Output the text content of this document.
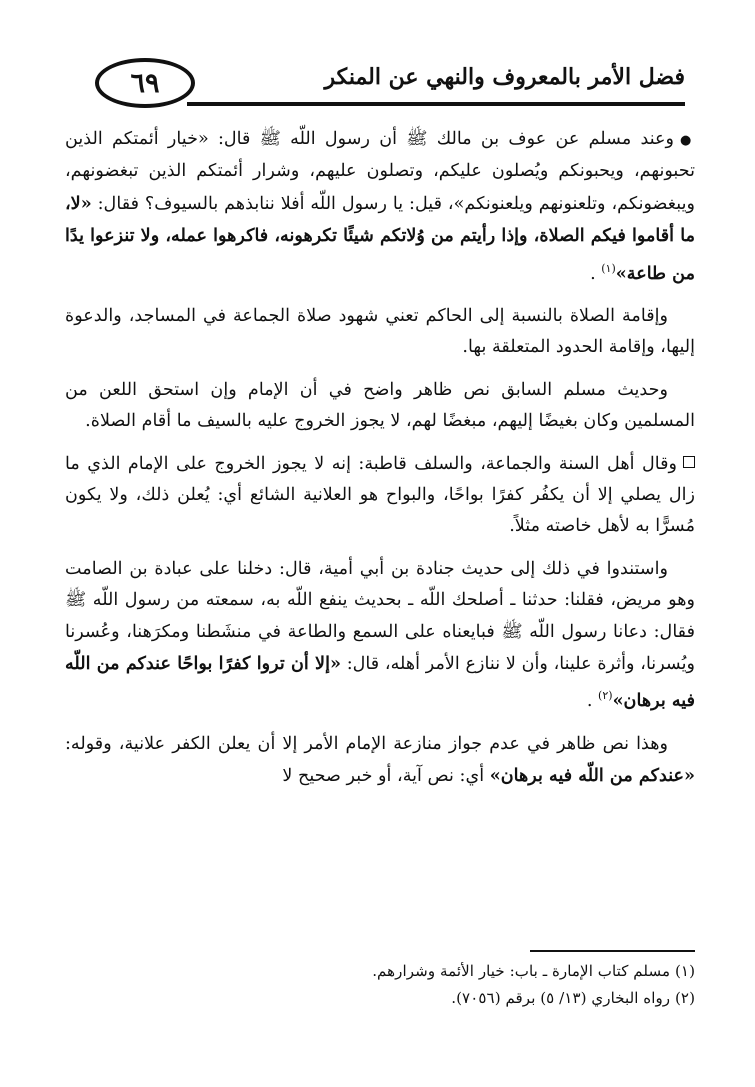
٦٩	فضل الأمر بالمعروف والنهي عن المنكر

●وعند مسلم عن عوف بن مالك ﷺ أن رسول اللّه ﷺ قال: «خيار أئمتكم الذين تحبونهم، ويحبونكم ويُصلون عليكم، وتصلون عليهم، وشرار أئمتكم الذين تبغضونهم، ويبغضونكم، وتلعنونهم ويلعنونكم»، قيل: يا رسول اللّه أفلا ننابذهم بالسيوف؟ فقال: «لا، ما أقاموا فيكم الصلاة، وإذا رأيتم من وُلاتكم شيئًا تكرهونه، فاكرهوا عمله، ولا تنزعوا يدًا من طاعة»$^{(١)}$ .

وإقامة الصلاة بالنسبة إلى الحاكم تعني شهود صلاة الجماعة في المساجد، والدعوة إليها، وإقامة الحدود المتعلقة بها.

وحديث مسلم السابق نص ظاهر واضح في أن الإمام وإن استحق اللعن من المسلمين وكان بغيضًا إليهم، مبغضًا لهم، لا يجوز الخروج عليه بالسيف ما أقام الصلاة.

وقال أهل السنة والجماعة، والسلف قاطبة: إنه لا يجوز الخروج على الإمام الذي ما زال يصلي إلا أن يكفُر كفرًا بواحًا، والبواح هو العلانية الشائع أي: يُعلن ذلك، ولا يكون مُسرًّا به لأهل خاصته مثلاً.

واستندوا في ذلك إلى حديث جنادة بن أبي أمية، قال: دخلنا على عبادة بن الصامت وهو مريض، فقلنا: حدثنا ـ أصلحك اللّه ـ بحديث ينفع اللّه به، سمعته من رسول اللّه ﷺ فقال: دعانا رسول اللّه ﷺ فبايعناه على السمع والطاعة في منشَطنا ومكرَهنا، وعُسرنا ويُسرنا، وأثرة علينا، وأن لا ننازع الأمر أهله، قال: «إلا أن تروا كفرًا بواحًا عندكم من اللّه فيه برهان»$^{(٢)}$ .

وهذا نص ظاهر في عدم جواز منازعة الإمام الأمر إلا أن يعلن الكفر علانية، وقوله: «عندكم من اللّه فيه برهان» أي: نص آية، أو خبر صحيح لا

(١) مسلم كتاب الإمارة ـ باب: خيار الأئمة وشرارهم.
(٢) رواه البخاري (١٣/ ٥) برقم (٧٠٥٦).
